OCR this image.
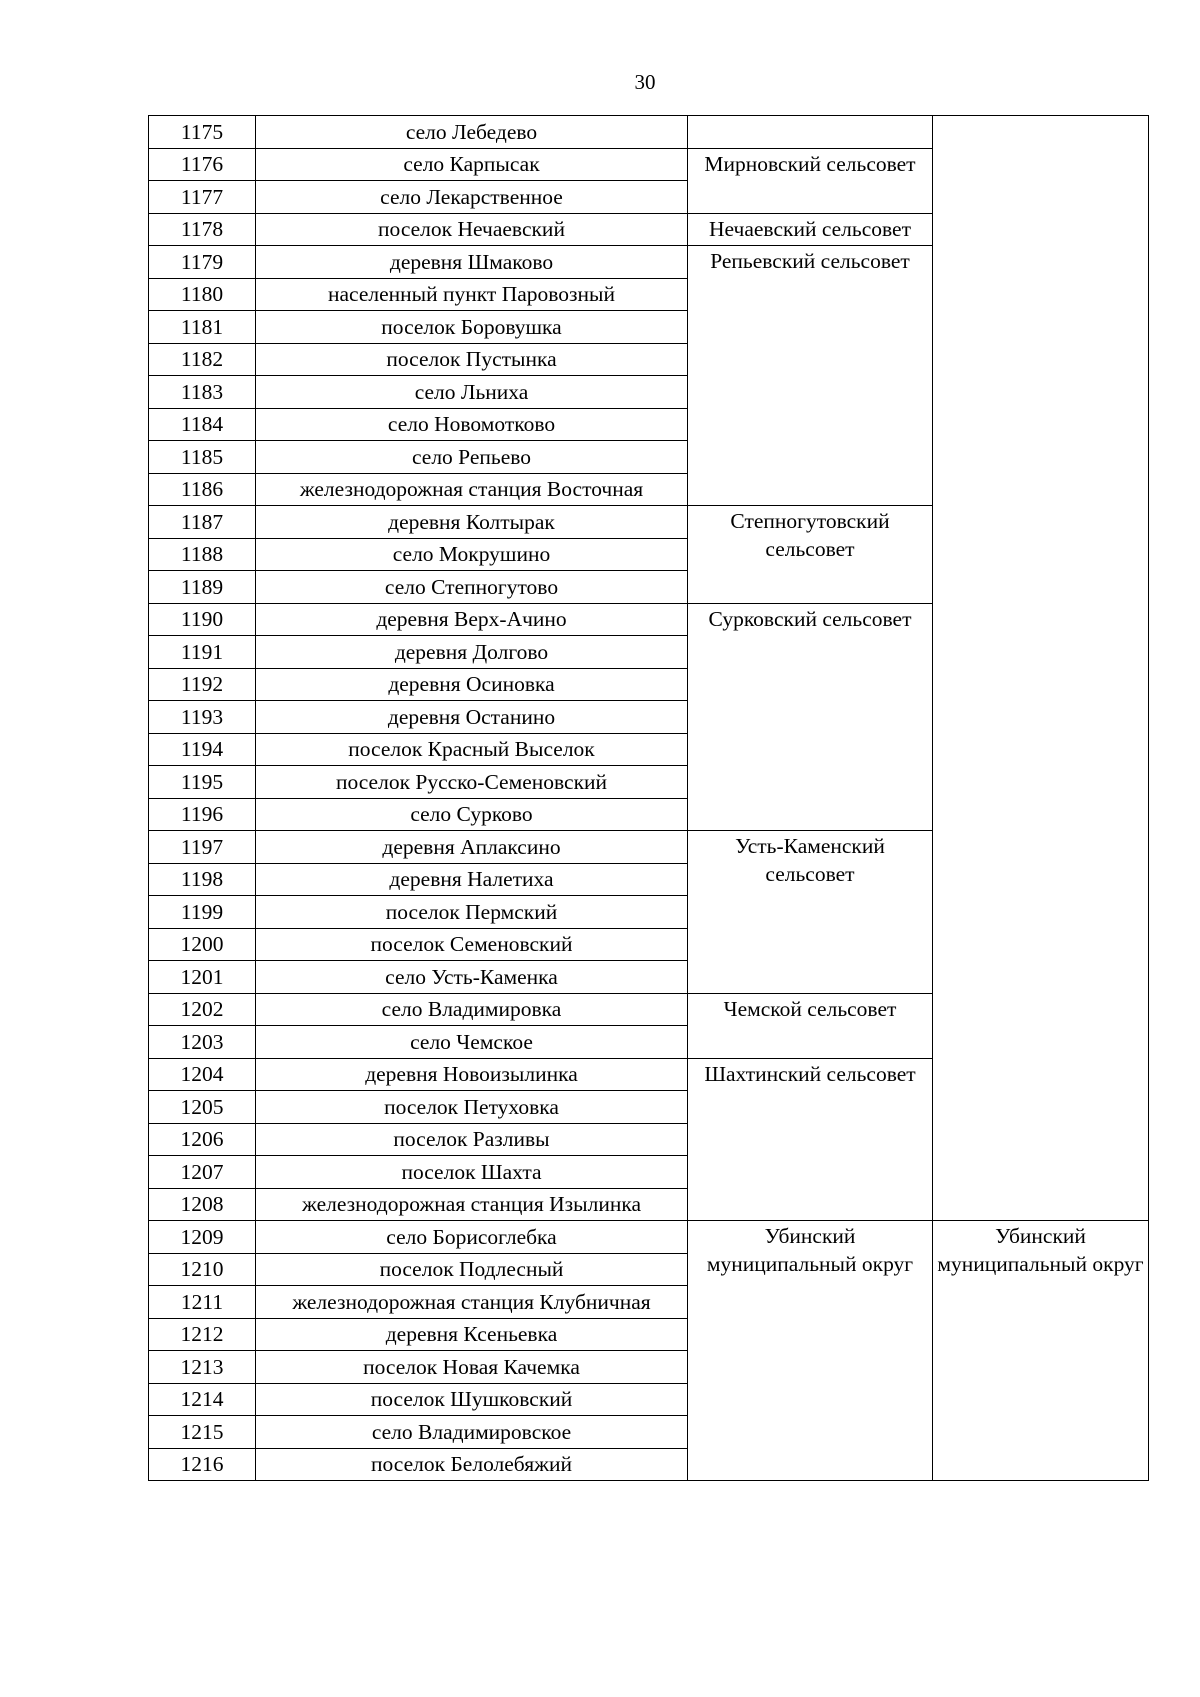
30
1175	село Лебедево		
1176	село Карпысак	Мирновский сельсовет	
1177	село Лекарственное		
1178	поселок Нечаевский	Нечаевский сельсовет	
1179	деревня Шмаково	Репьевский сельсовет	
1180	населенный пункт Паровозный		
1181	поселок Боровушка		
1182	поселок Пустынка		
1183	село Льниха		
1184	село Новомотково		
1185	село Репьево		
1186	железнодорожная станция Восточная		
1187	деревня Колтырак	Степногутовский сельсовет	
1188	село Мокрушино		
1189	село Степногутово		
1190	деревня Верх-Ачино	Сурковский сельсовет	
1191	деревня Долгово		
1192	деревня Осиновка		
1193	деревня Останино		
1194	поселок Красный Выселок		
1195	поселок Русско-Семеновский		
1196	село Сурково		
1197	деревня Аплаксино	Усть-Каменский сельсовет	
1198	деревня Налетиха		
1199	поселок Пермский		
1200	поселок Семеновский		
1201	село Усть-Каменка		
1202	село Владимировка	Чемской сельсовет	
1203	село Чемское		
1204	деревня Новоизылинка	Шахтинский сельсовет	
1205	поселок Петуховка		
1206	поселок Разливы		
1207	поселок Шахта		
1208	железнодорожная станция Изылинка		
1209	село Борисоглебка	Убинский муниципальный округ	Убинский муниципальный округ
1210	поселок Подлесный		
1211	железнодорожная станция Клубничная		
1212	деревня Ксеньевка		
1213	поселок Новая Качемка		
1214	поселок Шушковский		
1215	село Владимировское		
1216	поселок Белолебяжий		
